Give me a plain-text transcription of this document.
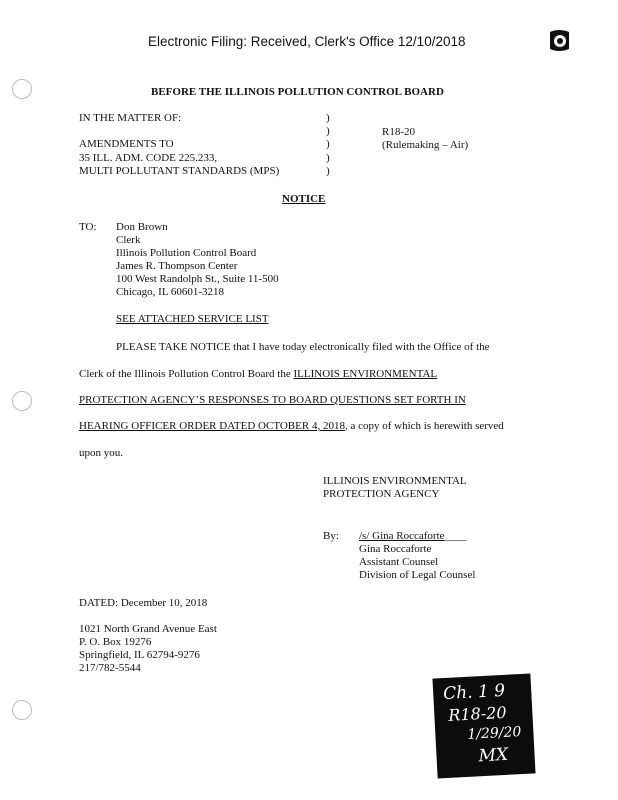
Electronic Filing: Received, Clerk's Office 12/10/2018
BEFORE THE ILLINOIS POLLUTION CONTROL BOARD
IN THE MATTER OF:
AMENDMENTS TO
35 ILL. ADM. CODE 225.233,
MULTI POLLUTANT STANDARDS (MPS)
)
)
)
)
)
R18-20
(Rulemaking – Air)
NOTICE
TO: Don Brown
Clerk
Illinois Pollution Control Board
James R. Thompson Center
100 West Randolph St., Suite 11-500
Chicago, IL 60601-3218
SEE ATTACHED SERVICE LIST
PLEASE TAKE NOTICE that I have today electronically filed with the Office of the
Clerk of the Illinois Pollution Control Board the ILLINOIS ENVIRONMENTAL
PROTECTION AGENCY’S RESPONSES TO BOARD QUESTIONS SET FORTH IN
HEARING OFFICER ORDER DATED OCTOBER 4, 2018, a copy of which is herewith served
upon you.
ILLINOIS ENVIRONMENTAL
PROTECTION AGENCY
By: /s/ Gina Roccaforte____
Gina Roccaforte
Assistant Counsel
Division of Legal Counsel
DATED: December 10, 2018
1021 North Grand Avenue East
P. O. Box 19276
Springfield, IL 62794-9276
217/782-5544
Ch. 1 9
R18-20
1/29/20
MX
